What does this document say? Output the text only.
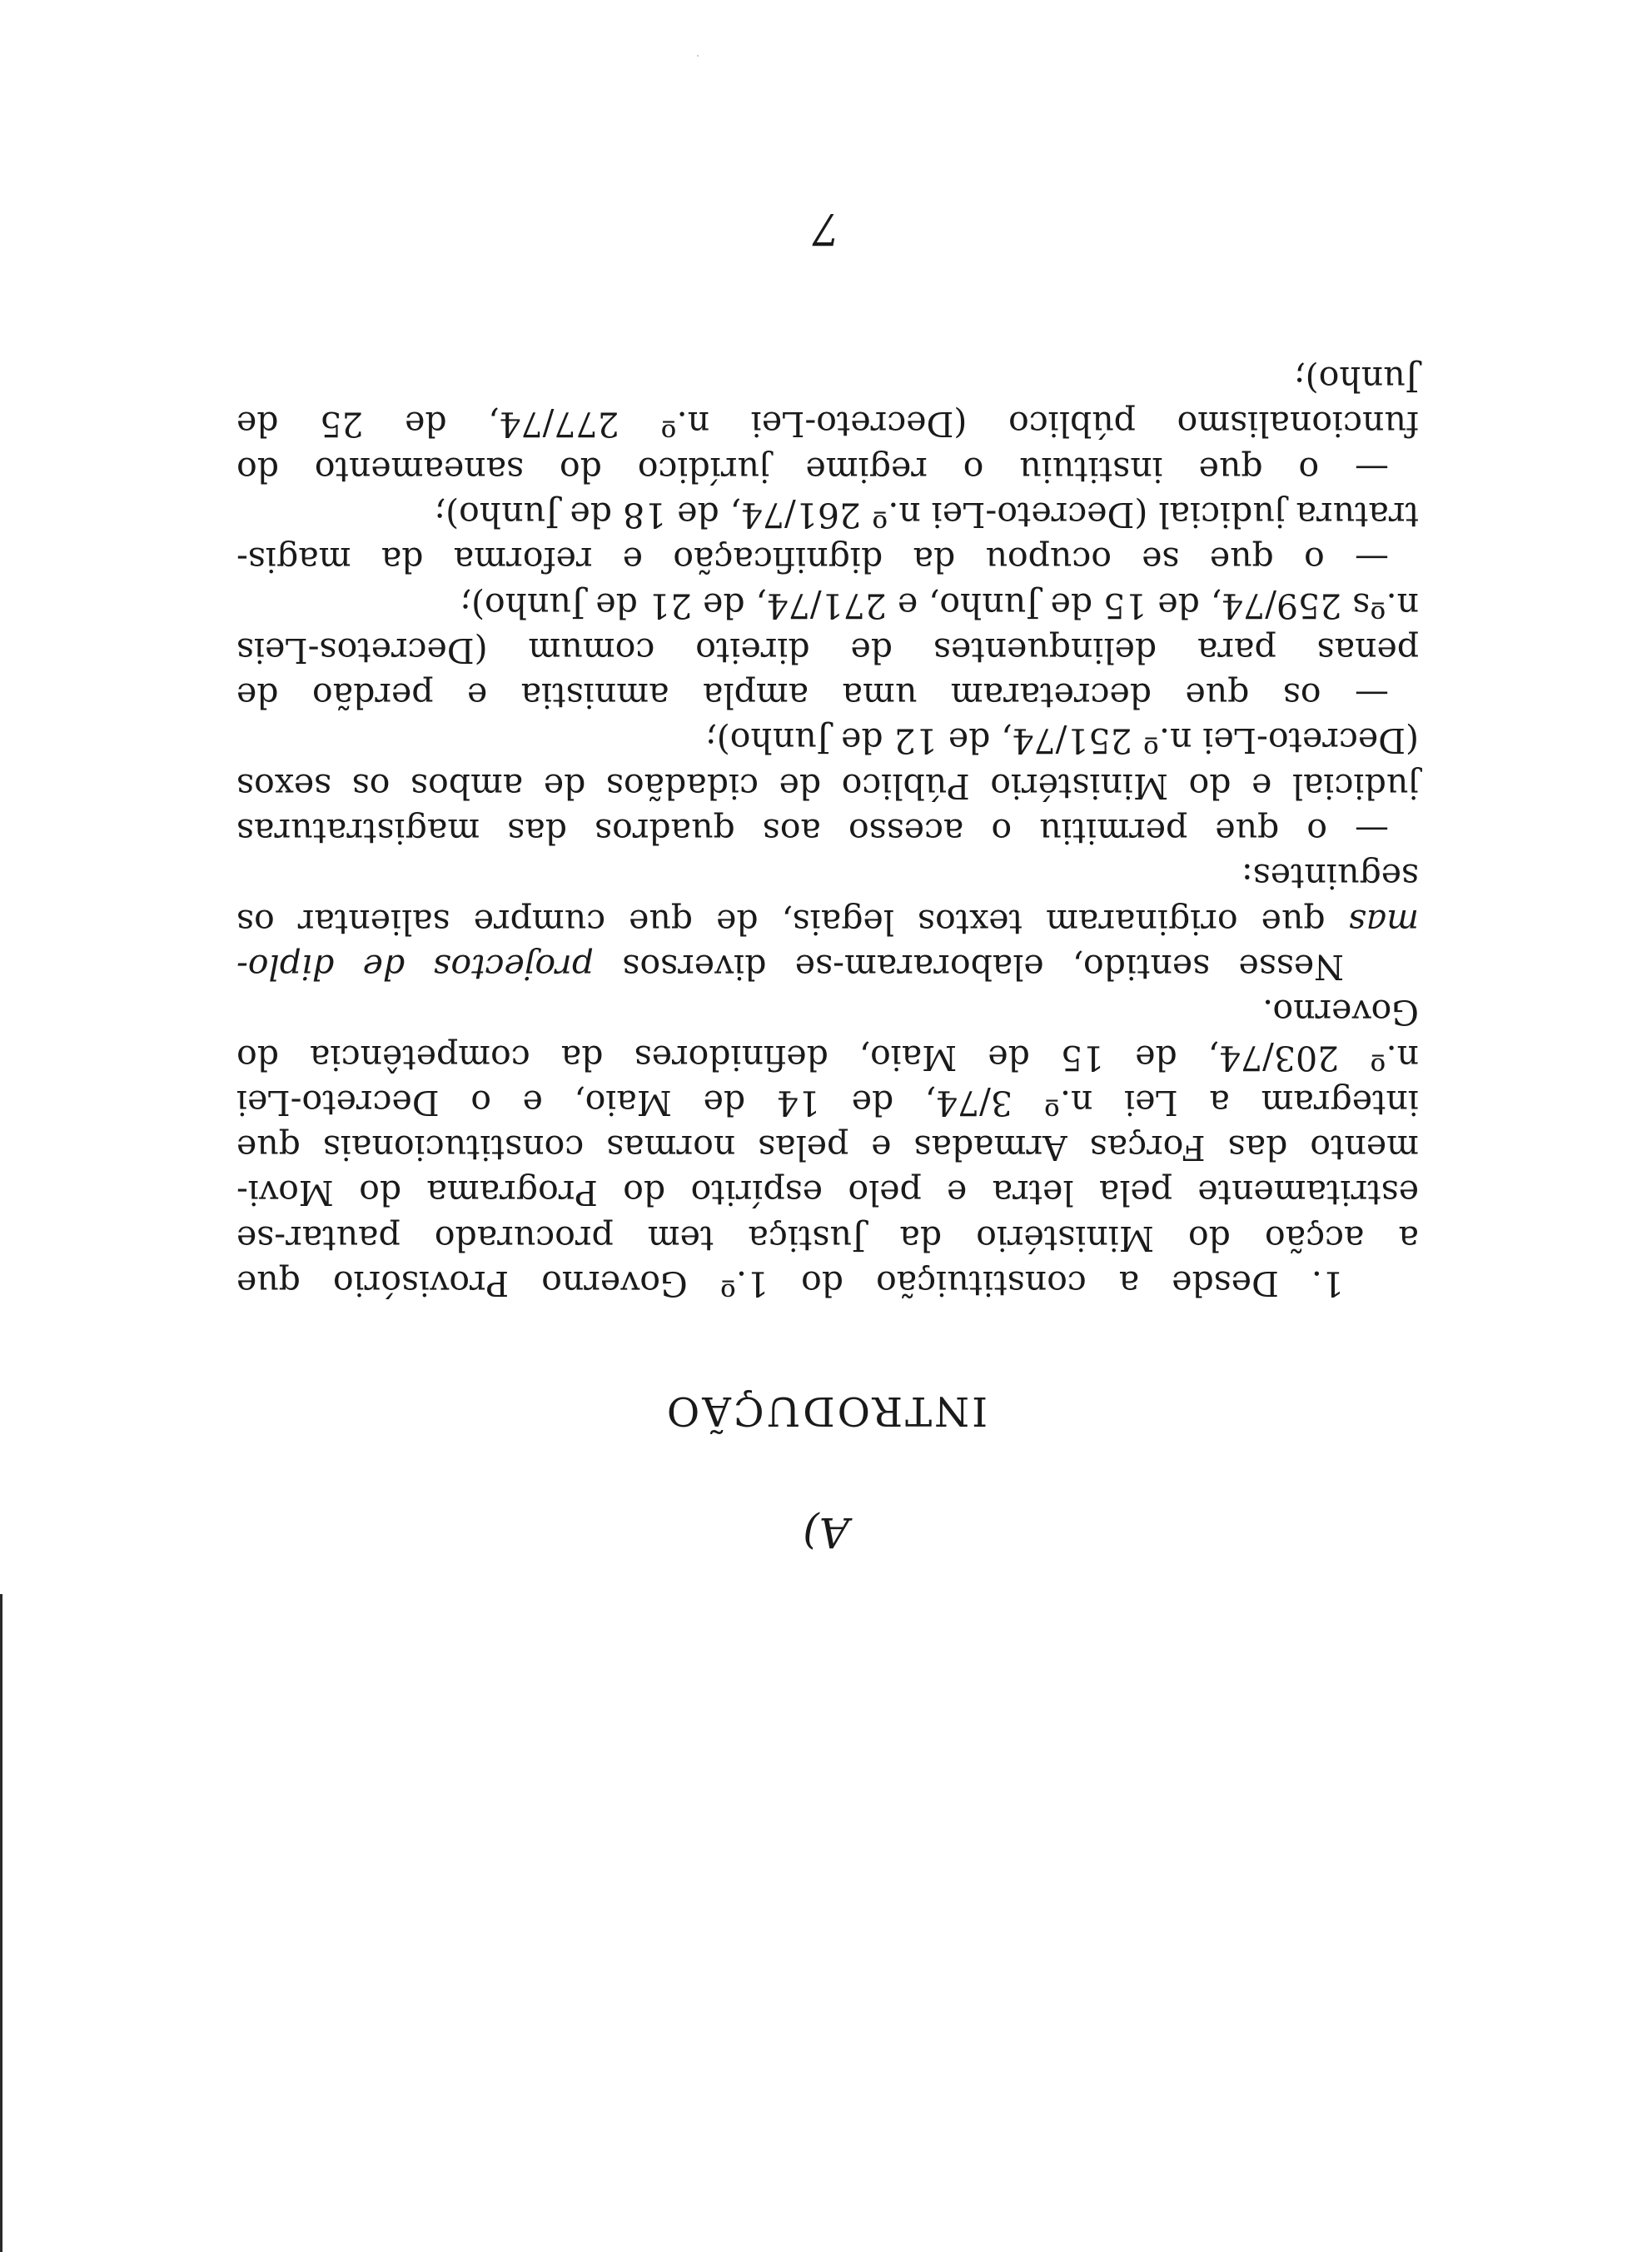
7
A)
INTRODUÇÃO

1. Desde a constituição do 1.º Governo Provisório que
a acção do Ministério da Justiça tem procurado pautar-se
estritamente pela letra e pelo espírito do Programa do Movi-
mento das Forças Armadas e pelas normas constitucionais que
integram a Lei n.º 3/74, de 14 de Maio, e o Decreto-Lei
n.º 203/74, de 15 de Maio, definidores da competência do
Governo.

Nesse sentido, elaboraram-se diversos projectos de diplo-
mas que originaram textos legais, de que cumpre salientar os
seguintes:

— o que permitiu o acesso aos quadros das magistraturas
judicial e do Ministério Público de cidadãos de ambos os sexos
(Decreto-Lei n.º 251/74, de 12 de Junho);

— os que decretaram uma ampla amnistia e perdão de
penas para delinquentes de direito comum (Decretos-Leis
n.ºs 259/74, de 15 de Junho, e 271/74, de 21 de Junho);

— o que se ocupou da dignificação e reforma da magis-
tratura judicial (Decreto-Lei n.º 261/74, de 18 de Junho);

— o que instituiu o regime jurídico do saneamento do
funcionalismo público (Decreto-Lei n.º 277/74, de 25 de
Junho);
